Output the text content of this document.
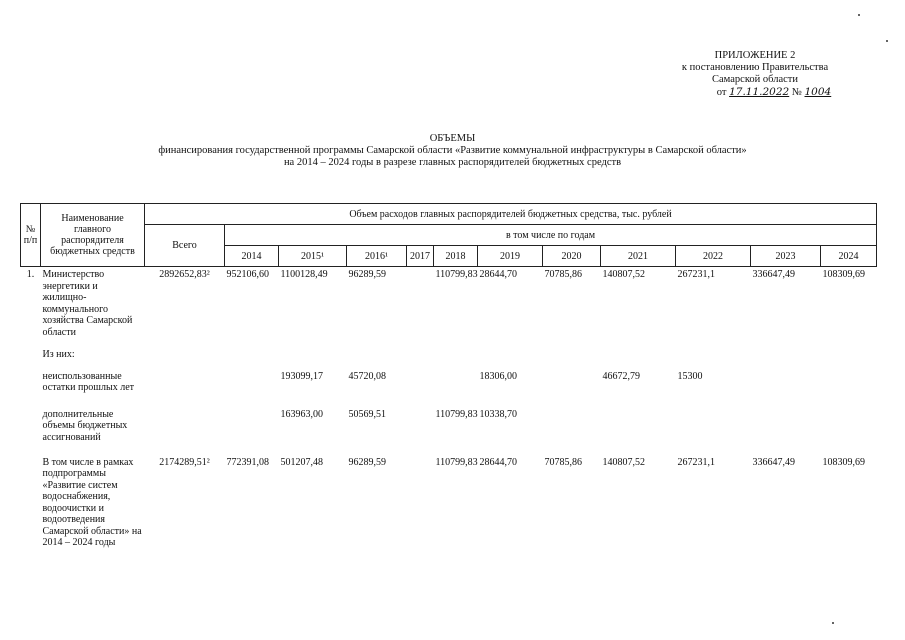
ПРИЛОЖЕНИЕ 2
к постановлению Правительства
Самарской области
от 17.11.2022 № 1004
ОБЪЕМЫ
финансирования государственной программы Самарской области «Развитие коммунальной инфраструктуры в Самарской области»
на 2014 – 2024 годы в разрезе главных распорядителей бюджетных средств
№ п/п	Наименование главного распорядителя бюджетных средств	Объем расходов главных распорядителей бюджетных средства, тыс. рублей											
		Всего	в том числе по годам										
			2014	2015¹	2016¹	2017	2018	2019	2020	2021	2022	2023	2024
1.	Министерство энергетики и жилищно-коммунального хозяйства Самарской области	2892652,83²	952106,60	1100128,49	96289,59		110799,83	28644,70	70785,86	140807,52	267231,1	336647,49	108309,69
	Из них:												
	неиспользованные остатки прошлых лет			193099,17	45720,08			18306,00		46672,79	15300		
	дополнительные объемы бюджетных ассигнований			163963,00	50569,51		110799,83	10338,70					
	В том числе в рамках подпрограммы «Развитие систем водоснабжения, водоочистки и водоотведения Самарской области» на 2014 – 2024 годы	2174289,51²	772391,08	501207,48	96289,59		110799,83	28644,70	70785,86	140807,52	267231,1	336647,49	108309,69
